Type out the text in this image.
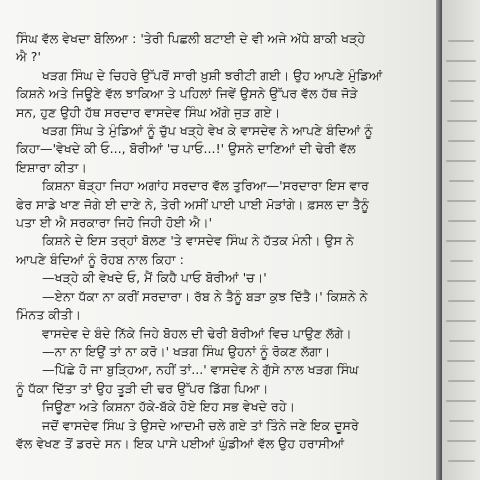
ਸਿੰਘ ਵੱਲ ਵੇਖਦਾ ਬੋਲਿਆ : 'ਤੇਰੀ ਪਿਛਲੀ ਬਟਾਈ ਦੇ ਵੀ ਅਜੇ ਅੱਧੇ ਬਾਕੀ ਖੜ੍ਹੇ

ਐ ?'

ਖੜਗ ਸਿੰਘ ਦੇ ਚਿਹਰੇ ਉੱਪਰੋਂ ਸਾਰੀ ਖ਼ੁਸ਼ੀ ਝਰੀਟੀ ਗਈ। ਉਹ ਆਪਣੇ ਮੁੰਡਿਆਂ

ਕਿਸ਼ਨੇ ਅਤੇ ਜਿਊਣੇ ਵੱਲ ਝਾਕਿਆ ਤੇ ਪਹਿਲਾਂ ਜਿਵੇਂ ਉਸਨੇ ਉੱਪਰ ਵੱਲ ਹੱਥ ਜੋੜੇ

ਸਨ, ਹੁਣ ਉਹੀ ਹੱਥ ਸਰਦਾਰ ਵਾਸਦੇਵ ਸਿੰਘ ਅੱਗੇ ਜੁੜ ਗਏ।

ਖੜਗ ਸਿੰਘ ਤੇ ਮੁੰਡਿਆਂ ਨੂੰ ਚੁੱਪ ਖੜ੍ਹੇ ਵੇਖ ਕੇ ਵਾਸਦੇਵ ਨੇ ਆਪਣੇ ਬੰਦਿਆਂ ਨੂੰ

ਕਿਹਾ—'ਵੇਖਦੇ ਕੀ ਓ..., ਬੋਰੀਆਂ 'ਚ ਪਾਓ...!' ਉਸਨੇ ਦਾਣਿਆਂ ਦੀ ਢੇਰੀ ਵੱਲ

ਇਸ਼ਾਰਾ ਕੀਤਾ।

ਕਿਸ਼ਨਾ ਥੋੜ੍ਹਾ ਜਿਹਾ ਅਗਾਂਹ ਸਰਦਾਰ ਵੱਲ ਤੁਰਿਆ—'ਸਰਦਾਰਾ ਇਸ ਵਾਰ

ਫੇਰ ਸਾਡੇ ਖਾਣ ਜੋਗੇ ਈ ਦਾਣੇ ਨੇ, ਤੇਰੀ ਅਸੀਂ ਪਾਈ ਪਾਈ ਮੋੜਾਂਗੇ। ਫ਼ਸਲ ਦਾ ਤੈਨੂੰ

ਪਤਾ ਈ ਐ ਸਰਕਾਰਾ ਜਿਹੋ ਜਿਹੀ ਹੋਈ ਐ।'

ਕਿਸ਼ਨੇ ਦੇ ਇਸ ਤਰ੍ਹਾਂ ਬੋਲਣ 'ਤੇ ਵਾਸਦੇਵ ਸਿੰਘ ਨੇ ਹੱਤਕ ਮੰਨੀ। ਉਸ ਨੇ

ਆਪਣੇ ਬੰਦਿਆਂ ਨੂੰ ਰੋਹਬ ਨਾਲ ਕਿਹਾ :

—ਖੜ੍ਹੇ ਕੀ ਵੇਖਦੇ ਓ, ਮੈਂ ਕਿਹੈ ਪਾਓ ਬੋਰੀਆਂ 'ਚ।'

—ਏਨਾ ਧੱਕਾ ਨਾ ਕਰੀਂ ਸਰਦਾਰਾ। ਰੱਬ ਨੇ ਤੈਨੂੰ ਬੜਾ ਕੁਝ ਦਿੱਤੈ।' ਕਿਸ਼ਨੇ ਨੇ

ਮਿੰਨਤ ਕੀਤੀ।

ਵਾਸਦੇਵ ਦੇ ਬੰਦੇ ਨਿੱਕੇ ਜਿਹੇ ਬੋਹਲ ਦੀ ਢੇਰੀ ਬੋਰੀਆਂ ਵਿਚ ਪਾਉਣ ਲੱਗੇ।

—ਨਾ ਨਾ ਇਉਂ ਤਾਂ ਨਾ ਕਰੋ।' ਖੜਗ ਸਿੰਘ ਉਹਨਾਂ ਨੂੰ ਰੋਕਣ ਲੱਗਾ।

—ਪਿੱਛੇ ਹੋ ਜਾ ਬੁੜ੍ਹਿਆ, ਨਹੀਂ ਤਾਂ...' ਵਾਸਦੇਵ ਨੇ ਗੁੱਸੇ ਨਾਲ ਖੜਗ ਸਿੰਘ

ਨੂੰ ਧੱਕਾ ਦਿੱਤਾ ਤਾਂ ਉਹ ਤੂੜੀ ਦੀ ਢਰ ਉੱਪਰ ਡਿੱਗ ਪਿਆ।

ਜਿਊਣਾ ਅਤੇ ਕਿਸ਼ਨਾ ਹੱਕੇ-ਬੱਕੇ ਹੋਏ ਇਹ ਸਭ ਵੇਖਦੇ ਰਹੇ।

ਜਦੋਂ ਵਾਸਦੇਵ ਸਿੰਘ ਤੇ ਉਸਦੇ ਆਦਮੀ ਚਲੇ ਗਏ ਤਾਂ ਤਿੰਨੇ ਜਣੇ ਇਕ ਦੂਸਰੇ

ਵੱਲ ਵੇਖਣ ਤੋਂ ਡਰਦੇ ਸਨ। ਇਕ ਪਾਸੇ ਪਈਆਂ ਘੁੰਡੀਆਂ ਵੱਲ ਉਹ ਹਰਾਸੀਆਂ
